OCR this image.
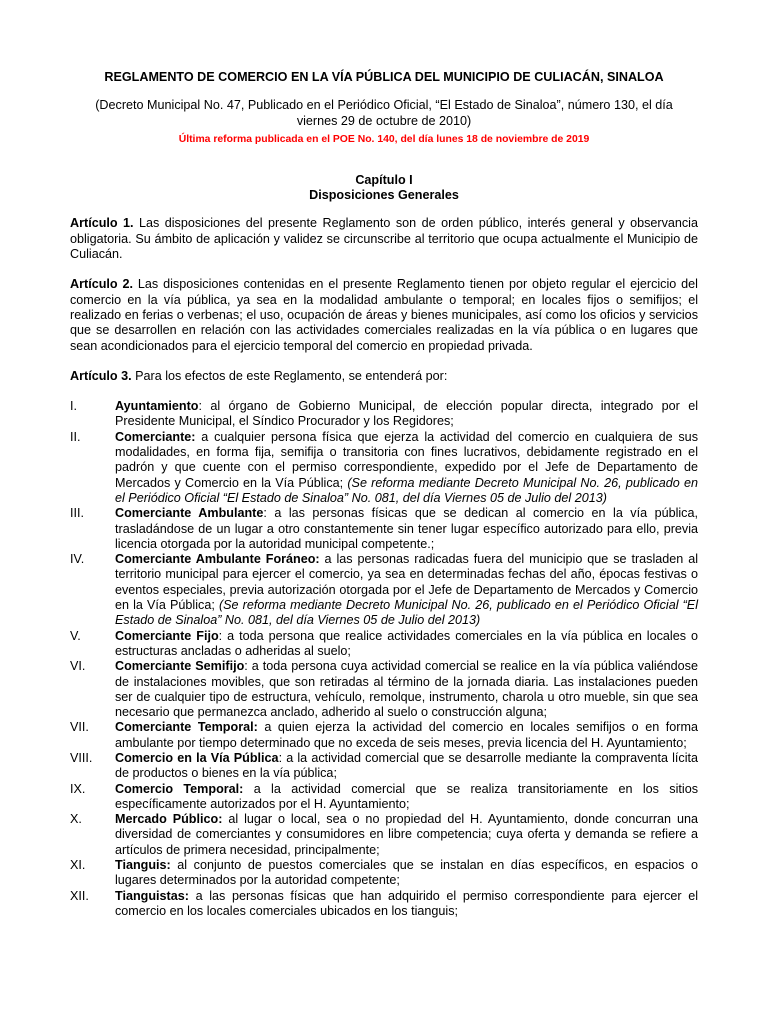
REGLAMENTO DE COMERCIO EN LA VÍA PÚBLICA DEL MUNICIPIO DE CULIACÁN, SINALOA
(Decreto Municipal No. 47, Publicado en el Periódico Oficial, “El Estado de Sinaloa”, número 130, el día viernes 29 de octubre de 2010)
Última reforma publicada en el POE No. 140, del día lunes 18 de noviembre de 2019
Capítulo I
Disposiciones Generales

Artículo 1. Las disposiciones del presente Reglamento son de orden público, interés general y observancia obligatoria. Su ámbito de aplicación y validez se circunscribe al territorio que ocupa actualmente el Municipio de Culiacán.

Artículo 2. Las disposiciones contenidas en el presente Reglamento tienen por objeto regular el ejercicio del comercio en la vía pública, ya sea en la modalidad ambulante o temporal; en locales fijos o semifijos; el realizado en ferias o verbenas; el uso, ocupación de áreas y bienes municipales, así como los oficios y servicios que se desarrollen en relación con las actividades comerciales realizadas en la vía pública o en lugares que sean acondicionados para el ejercicio temporal del comercio en propiedad privada.

Artículo 3. Para los efectos de este Reglamento, se entenderá por:

I.	Ayuntamiento: al órgano de Gobierno Municipal, de elección popular directa, integrado por el Presidente Municipal, el Síndico Procurador y los Regidores;
II.	Comerciante: a cualquier persona física que ejerza la actividad del comercio en cualquiera de sus modalidades, en forma fija, semifija o transitoria con fines lucrativos, debidamente registrado en el padrón y que cuente con el permiso correspondiente, expedido por el Jefe de Departamento de Mercados y Comercio en la Vía Pública; (Se reforma mediante Decreto Municipal No. 26, publicado en el Periódico Oficial “El Estado de Sinaloa” No. 081, del día Viernes 05 de Julio del 2013)
III.	Comerciante Ambulante: a las personas físicas que se dedican al comercio en la vía pública, trasladándose de un lugar a otro constantemente sin tener lugar específico autorizado para ello, previa licencia otorgada por la autoridad municipal competente.;
IV.	Comerciante Ambulante Foráneo: a las personas radicadas fuera del municipio que se trasladen al territorio municipal para ejercer el comercio, ya sea en determinadas fechas del año, épocas festivas o eventos especiales, previa autorización otorgada por el Jefe de Departamento de Mercados y Comercio en la Vía Pública; (Se reforma mediante Decreto Municipal No. 26, publicado en el Periódico Oficial “El Estado de Sinaloa” No. 081, del día Viernes 05 de Julio del 2013)
V.	Comerciante Fijo: a toda persona que realice actividades comerciales en la vía pública en locales o estructuras ancladas o adheridas al suelo;
VI.	Comerciante Semifijo: a toda persona cuya actividad comercial se realice en la vía pública valiéndose de instalaciones movibles, que son retiradas al término de la jornada diaria. Las instalaciones pueden ser de cualquier tipo de estructura, vehículo, remolque, instrumento, charola u otro mueble, sin que sea necesario que permanezca anclado, adherido al suelo o construcción alguna;
VII.	Comerciante Temporal: a quien ejerza la actividad del comercio en locales semifijos o en forma ambulante por tiempo determinado que no exceda de seis meses, previa licencia del H. Ayuntamiento;
VIII.	Comercio en la Vía Pública: a la actividad comercial que se desarrolle mediante la compraventa lícita de productos o bienes en la vía pública;
IX.	Comercio Temporal: a la actividad comercial que se realiza transitoriamente en los sitios específicamente autorizados por el H. Ayuntamiento;
X.	Mercado Público: al lugar o local, sea o no propiedad del H. Ayuntamiento, donde concurran una diversidad de comerciantes y consumidores en libre competencia; cuya oferta y demanda se refiere a artículos de primera necesidad, principalmente;
XI.	Tianguis: al conjunto de puestos comerciales que se instalan en días específicos, en espacios o lugares determinados por la autoridad competente;
XII.	Tianguistas: a las personas físicas que han adquirido el permiso correspondiente para ejercer el comercio en los locales comerciales ubicados en los tianguis;
